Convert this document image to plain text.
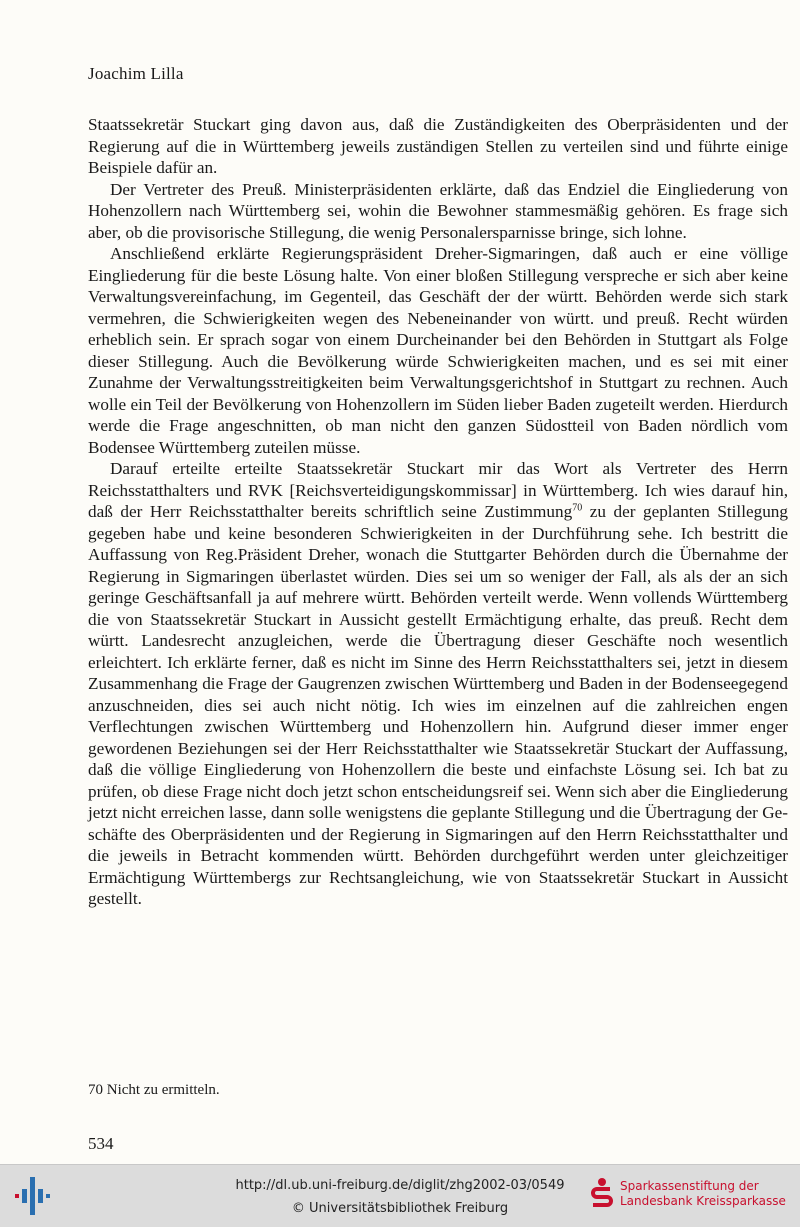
Joachim Lilla

Staatssekretär Stuckart ging davon aus, daß die Zuständigkeiten des Oberpräsidenten und der Regierung auf die in Württemberg jeweils zuständigen Stellen zu verteilen sind und führte einige Beispiele dafür an.

Der Vertreter des Preuß. Ministerpräsidenten erklärte, daß das Endziel die Eingliederung von Hohenzollern nach Württemberg sei, wohin die Bewohner stammesmäßig gehören. Es frage sich aber, ob die provisorische Stillegung, die wenig Personalersparnisse bringe, sich lohne.

Anschließend erklärte Regierungspräsident Dreher-Sigmaringen, daß auch er eine völlige Eingliederung für die beste Lösung halte. Von einer bloßen Stillegung verspreche er sich aber keine Verwaltungsvereinfachung, im Gegenteil, das Geschäft der der württ. Behörden werde sich stark vermehren, die Schwierigkeiten wegen des Nebeneinander von württ. und preuß. Recht würden erheblich sein. Er sprach sogar von einem Durcheinander bei den Behörden in Stuttgart als Folge dieser Stillegung. Auch die Bevölkerung würde Schwierigkeiten machen, und es sei mit einer Zunahme der Verwaltungsstreitigkeiten beim Verwaltungsgerichtshof in Stuttgart zu rechnen. Auch wolle ein Teil der Bevölkerung von Hohenzollern im Süden lieber Baden zugeteilt werden. Hierdurch werde die Frage angeschnitten, ob man nicht den ganzen Südostteil von Baden nördlich vom Bodensee Württemberg zuteilen müsse.

Darauf erteilte erteilte Staatssekretär Stuckart mir das Wort als Vertreter des Herrn Reichsstatthalters und RVK [Reichsverteidigungskommissar] in Württemberg. Ich wies darauf hin, daß der Herr Reichsstatthalter bereits schriftlich seine Zustimmung$^{70}$ zu der geplanten Stillegung gegeben habe und keine besonderen Schwierigkeiten in der Durchführung sehe. Ich bestritt die Auffassung von Reg.Präsident Dreher, wonach die Stuttgarter Behörden durch die Übernahme der Regierung in Sigmaringen überlastet würden. Dies sei um so weniger der Fall, als als der an sich geringe Geschäftsanfall ja auf mehrere württ. Behörden verteilt werde. Wenn vollends Württemberg die von Staatssekretär Stuckart in Aussicht gestellt Ermächtigung erhalte, das preuß. Recht dem württ. Landesrecht anzugleichen, werde die Übertragung dieser Geschäfte noch wesentlich erleichtert. Ich erklärte ferner, daß es nicht im Sinne des Herrn Reichsstatthalters sei, jetzt in diesem Zusammenhang die Frage der Gaugrenzen zwischen Württemberg und Baden in der Bodenseegegend anzuschneiden, dies sei auch nicht nötig. Ich wies im einzelnen auf die zahlreichen engen Verflechtungen zwischen Württemberg und Hohenzollern hin. Aufgrund dieser immer enger gewordenen Beziehungen sei der Herr Reichsstatthalter wie Staatssekretär Stuckart der Auffassung, daß die völlige Eingliederung von Hohenzollern die beste und einfachste Lösung sei. Ich bat zu prüfen, ob diese Frage nicht doch jetzt schon entscheidungsreif sei. Wenn sich aber die Eingliederung jetzt nicht erreichen lasse, dann solle wenigstens die geplante Stillegung und die Übertragung der Geschäfte des Oberpräsidenten und der Regierung in Sigmaringen auf den Herrn Reichsstatthalter und die jeweils in Betracht kommenden württ. Behörden durchgeführt werden unter gleichzeitiger Ermächtigung Württembergs zur Rechtsangleichung, wie von Staatssekretär Stuckart in Aussicht gestellt.

70 Nicht zu ermitteln.
534
http://dl.ub.uni-freiburg.de/diglit/zhg2002-03/0549
© Universitätsbibliothek Freiburg
Sparkassenstiftung der
Landesbank Kreissparkasse
